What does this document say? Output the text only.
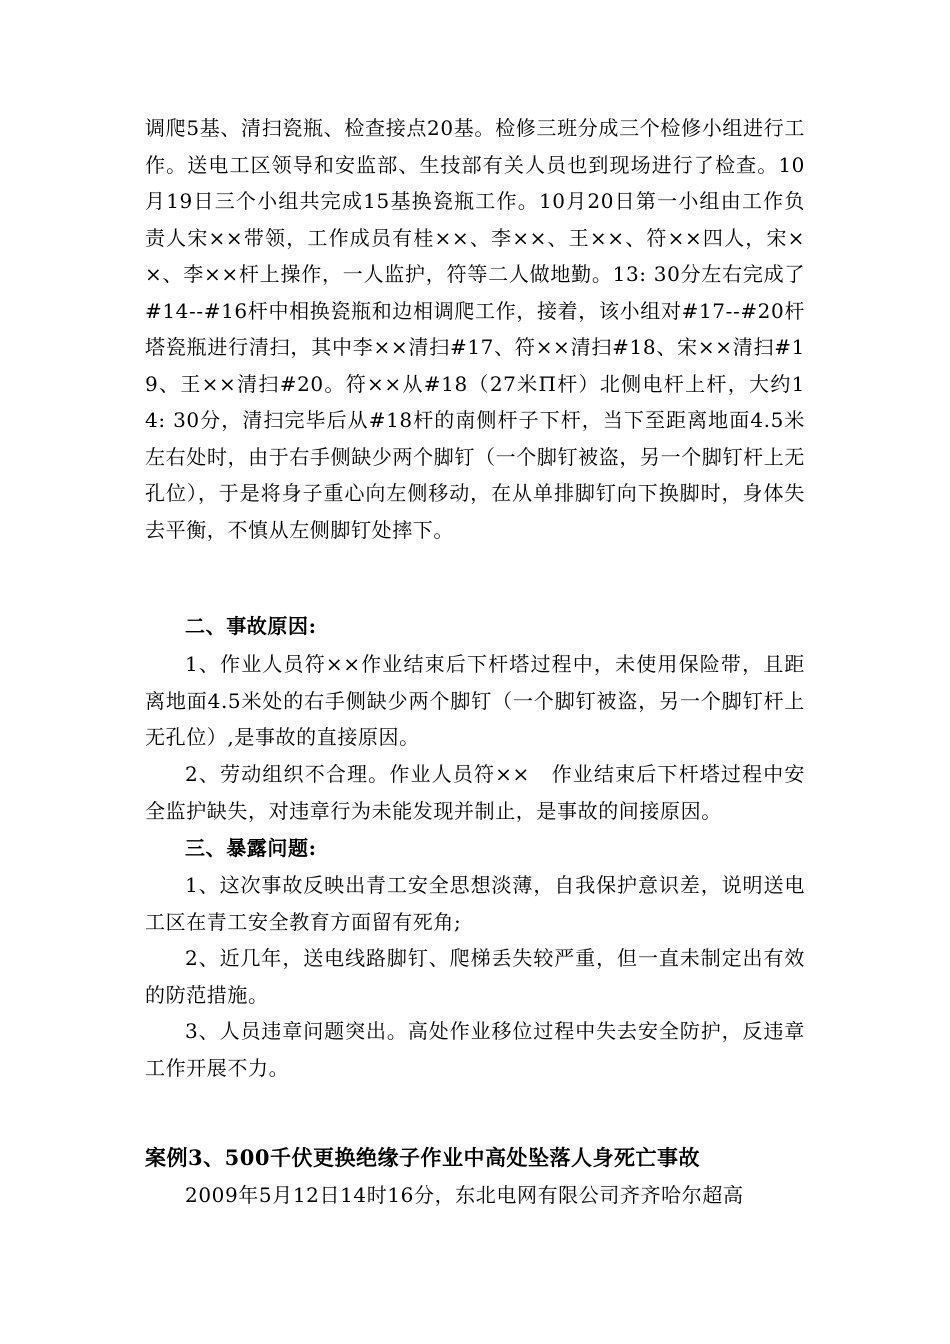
调爬5基、清扫瓷瓶、检查接点20基。检修三班分成三个检修小组进行工作。送电工区领导和安监部、生技部有关人员也到现场进行了检查。10月19日三个小组共完成15基换瓷瓶工作。10月20日第一小组由工作负责人宋××带领，工作成员有桂××、李××、王××、符××四人，宋××、李××杆上操作，一人监护，符等二人做地勤。13: 30分左右完成了#14--#16杆中相换瓷瓶和边相调爬工作，接着，该小组对#17--#20杆塔瓷瓶进行清扫，其中李××清扫#17、符××清扫#18、宋××清扫#19、王××清扫#20。符××从#18（27米Π杆）北侧电杆上杆，大约14: 30分，清扫完毕后从#18杆的南侧杆子下杆，当下至距离地面4.5米左右处时，由于右手侧缺少两个脚钉（一个脚钉被盗，另一个脚钉杆上无孔位），于是将身子重心向左侧移动，在从单排脚钉向下换脚时，身体失去平衡，不慎从左侧脚钉处摔下。

二、事故原因:

1、作业人员符××作业结束后下杆塔过程中，未使用保险带，且距离地面4.5米处的右手侧缺少两个脚钉（一个脚钉被盗，另一个脚钉杆上无孔位）,是事故的直接原因。

2、劳动组织不合理。作业人员符××　作业结束后下杆塔过程中安全监护缺失，对违章行为未能发现并制止，是事故的间接原因。

三、暴露问题:

1、这次事故反映出青工安全思想淡薄，自我保护意识差，说明送电工区在青工安全教育方面留有死角;

2、近几年，送电线路脚钉、爬梯丢失较严重，但一直未制定出有效的防范措施。

3、人员违章问题突出。高处作业移位过程中失去安全防护，反违章工作开展不力。

案例3、500千伏更换绝缘子作业中高处坠落人身死亡事故

2009年5月12日14时16分，东北电网有限公司齐齐哈尔超高
